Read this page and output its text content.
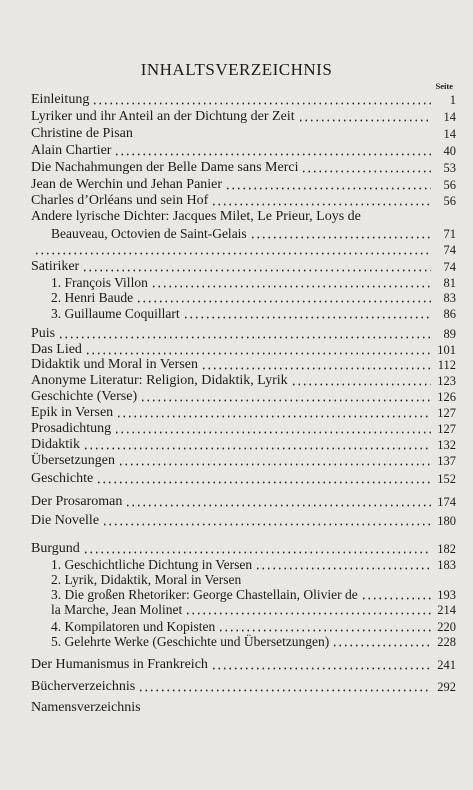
INHALTSVERZEICHNIS
Seite
Einleitung	1
Lyriker und ihr Anteil an der Dichtung der Zeit	14
Christine de Pisan	14
Alain Chartier	40
Die Nachahmungen der Belle Dame sans Merci	53
Jean de Werchin und Jehan Panier	56
Charles d’Orléans und sein Hof	56
Andere lyrische Dichter: Jacques Milet, Le Prieur, Loys de
Beauveau, Octovien de Saint-Gelais	71
74
Satiriker	74
1. François Villon	81
2. Henri Baude	83
3. Guillaume Coquillart	86
Puis	89
Das Lied	101
Didaktik und Moral in Versen	112
Anonyme Literatur: Religion, Didaktik, Lyrik	123
Geschichte (Verse)	126
Epik in Versen	127
Prosadichtung	127
Didaktik	132
Übersetzungen	137
Geschichte	152
Der Prosaroman	174
Die Novelle	180
Burgund	182
1. Geschichtliche Dichtung in Versen	183
2. Lyrik, Didaktik, Moral in Versen
3. Die großen Rhetoriker: George Chastellain, Olivier de	193
la Marche, Jean Molinet	214
4. Kompilatoren und Kopisten	220
5. Gelehrte Werke (Geschichte und Übersetzungen)	228
Der Humanismus in Frankreich	241
Bücherverzeichnis	292
Namensverzeichnis
